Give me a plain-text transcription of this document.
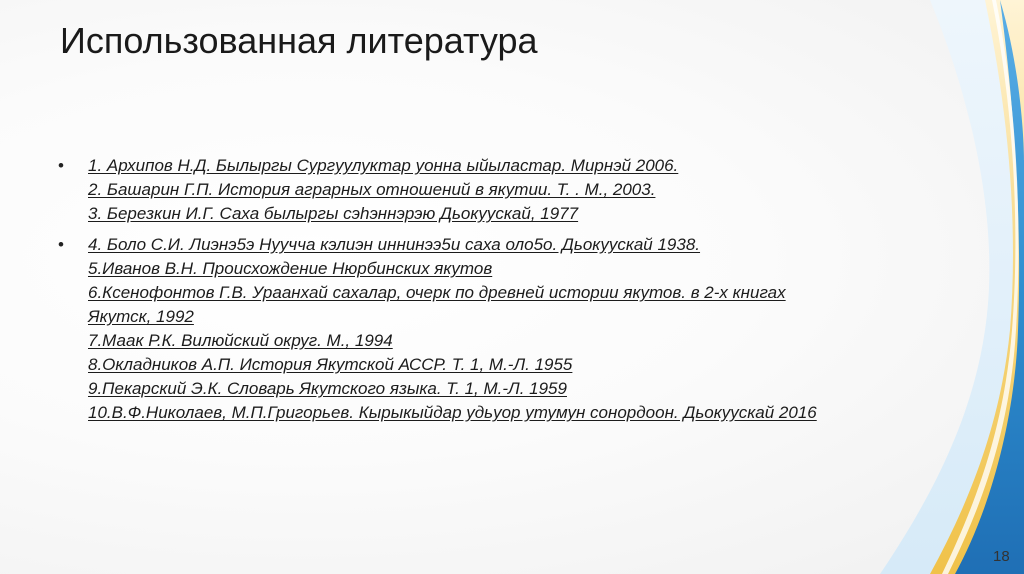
Использованная литература
• 1. Архипов Н.Д. Былыргы Сургуулуктар уонна ыйыластар. Мирнэй 2006.
2. Башарин Г.П. История аграрных отношений в якутии. Т. . М., 2003.
3. Березкин И.Г. Саха былыргы сэһэннэрэю Дьокуускай, 1977
• 4. Боло С.И. Лиэнэ5э Нуучча кэлиэн иннинээ5и саха оло5о. Дьокуускай 1938.
5.Иванов В.Н. Происхождение Нюрбинских якутов
6.Ксенофонтов Г.В. Ураанхай сахалар, очерк по древней истории якутов. в 2-х книгах
Якутск, 1992
7.Маак Р.К. Вилюйский округ. М., 1994
8.Окладников А.П. История Якутской АССР. Т. 1, М.-Л. 1955
9.Пекарский Э.К. Словарь Якутского языка. Т. 1, М.-Л. 1959
10.В.Ф.Николаев, М.П.Григорьев. Кырыкыйдар удьуор утумун сонордоон. Дьокуускай 2016
18
